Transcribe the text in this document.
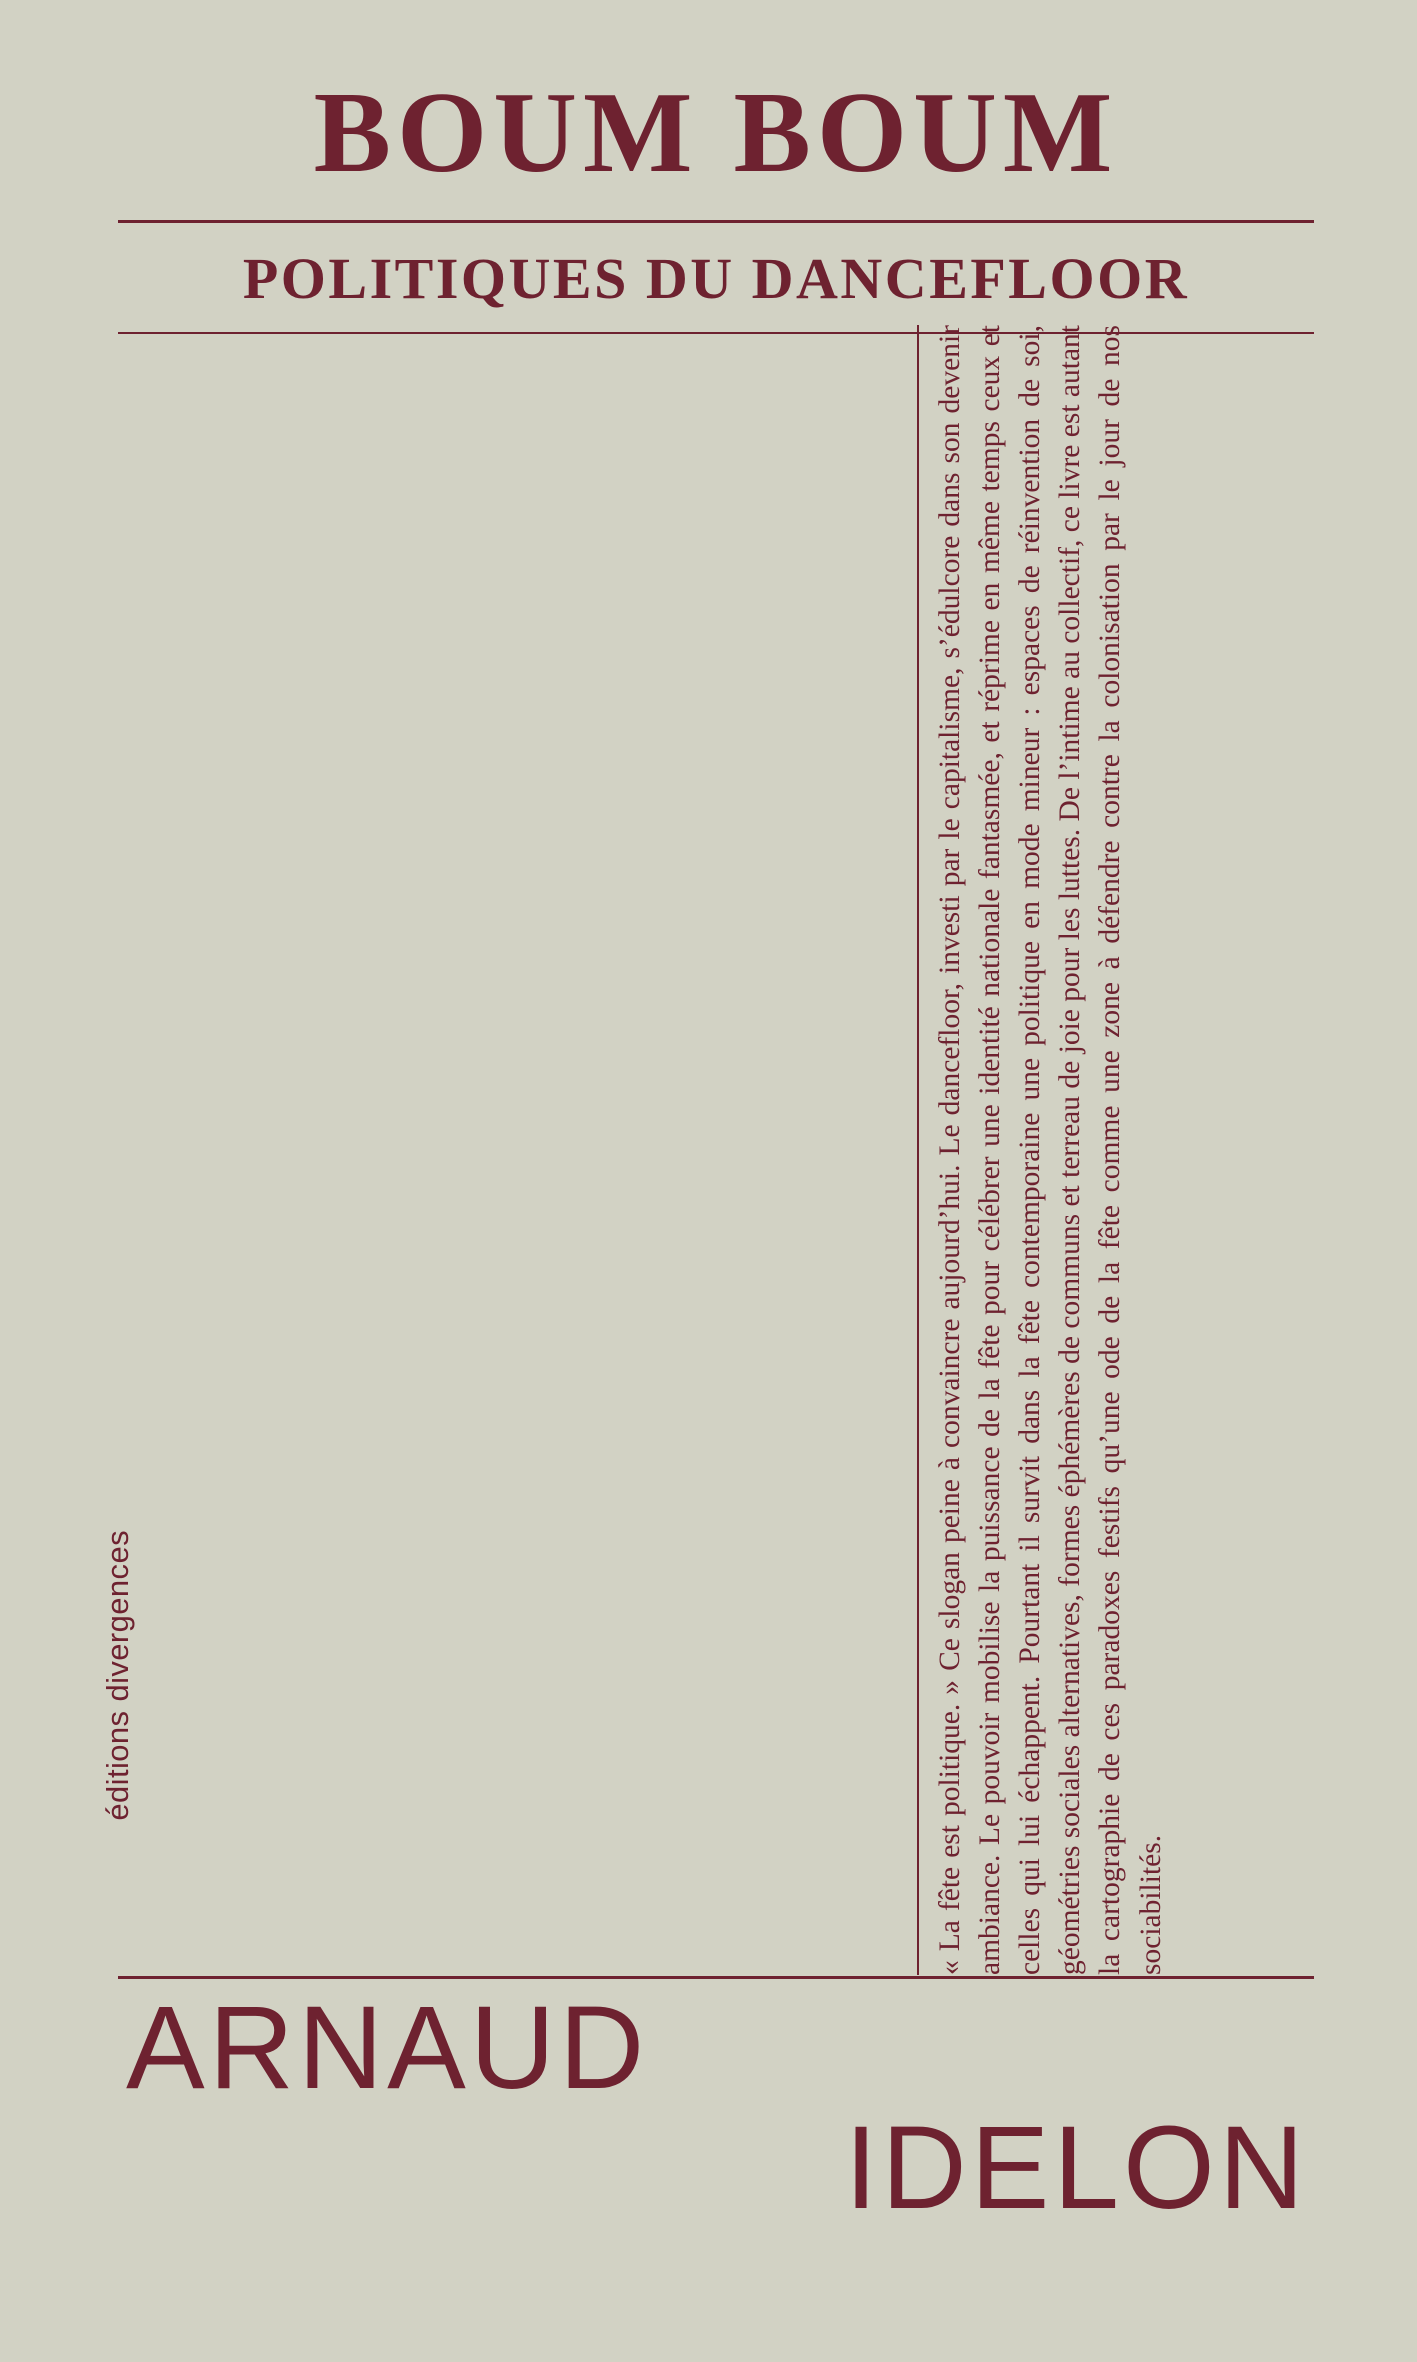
BOUM BOUM
POLITIQUES DU DANCEFLOOR

« La fête est politique. » Ce slogan peine à convaincre aujourd’hui. Le dancefloor, investi par le capitalisme, s’édulcore dans son devenir ambiance. Le pouvoir mobilise la puissance de la fête pour célébrer une identité nationale fantasmée, et réprime en même temps ceux et celles qui lui échappent. Pourtant il survit dans la fête contemporaine une politique en mode mineur : espaces de réinvention de soi, géométries sociales alternatives, formes éphémères de communs et terreau de joie pour les luttes. De l’intime au collectif, ce livre est autant la cartographie de ces paradoxes festifs qu’une ode de la fête comme une zone à défendre contre la colonisation par le jour de nos sociabilités.

éditions divergences
ARNAUD
IDELON
